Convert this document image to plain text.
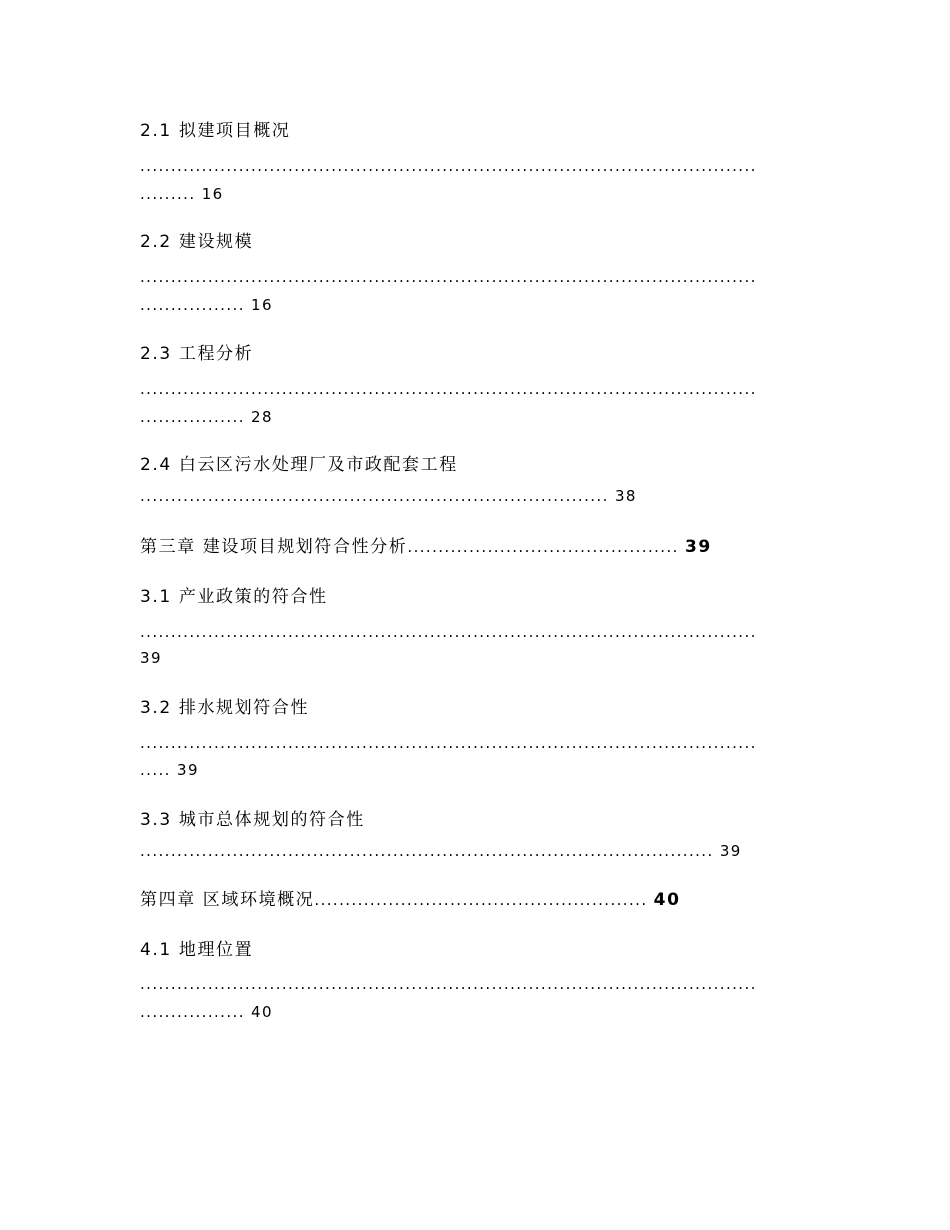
2.1 拟建项目概况
....................................................................................................
......... 16
2.2 建设规模
....................................................................................................
................. 16
2.3 工程分析
....................................................................................................
................. 28
2.4 白云区污水处理厂及市政配套工程
............................................................................ 38
第三章 建设项目规划符合性分析............................................ 39
3.1 产业政策的符合性
....................................................................................................
39
3.2 排水规划符合性
....................................................................................................
..... 39
3.3 城市总体规划的符合性
............................................................................................. 39
第四章 区域环境概况...................................................... 40
4.1 地理位置
....................................................................................................
................. 40
